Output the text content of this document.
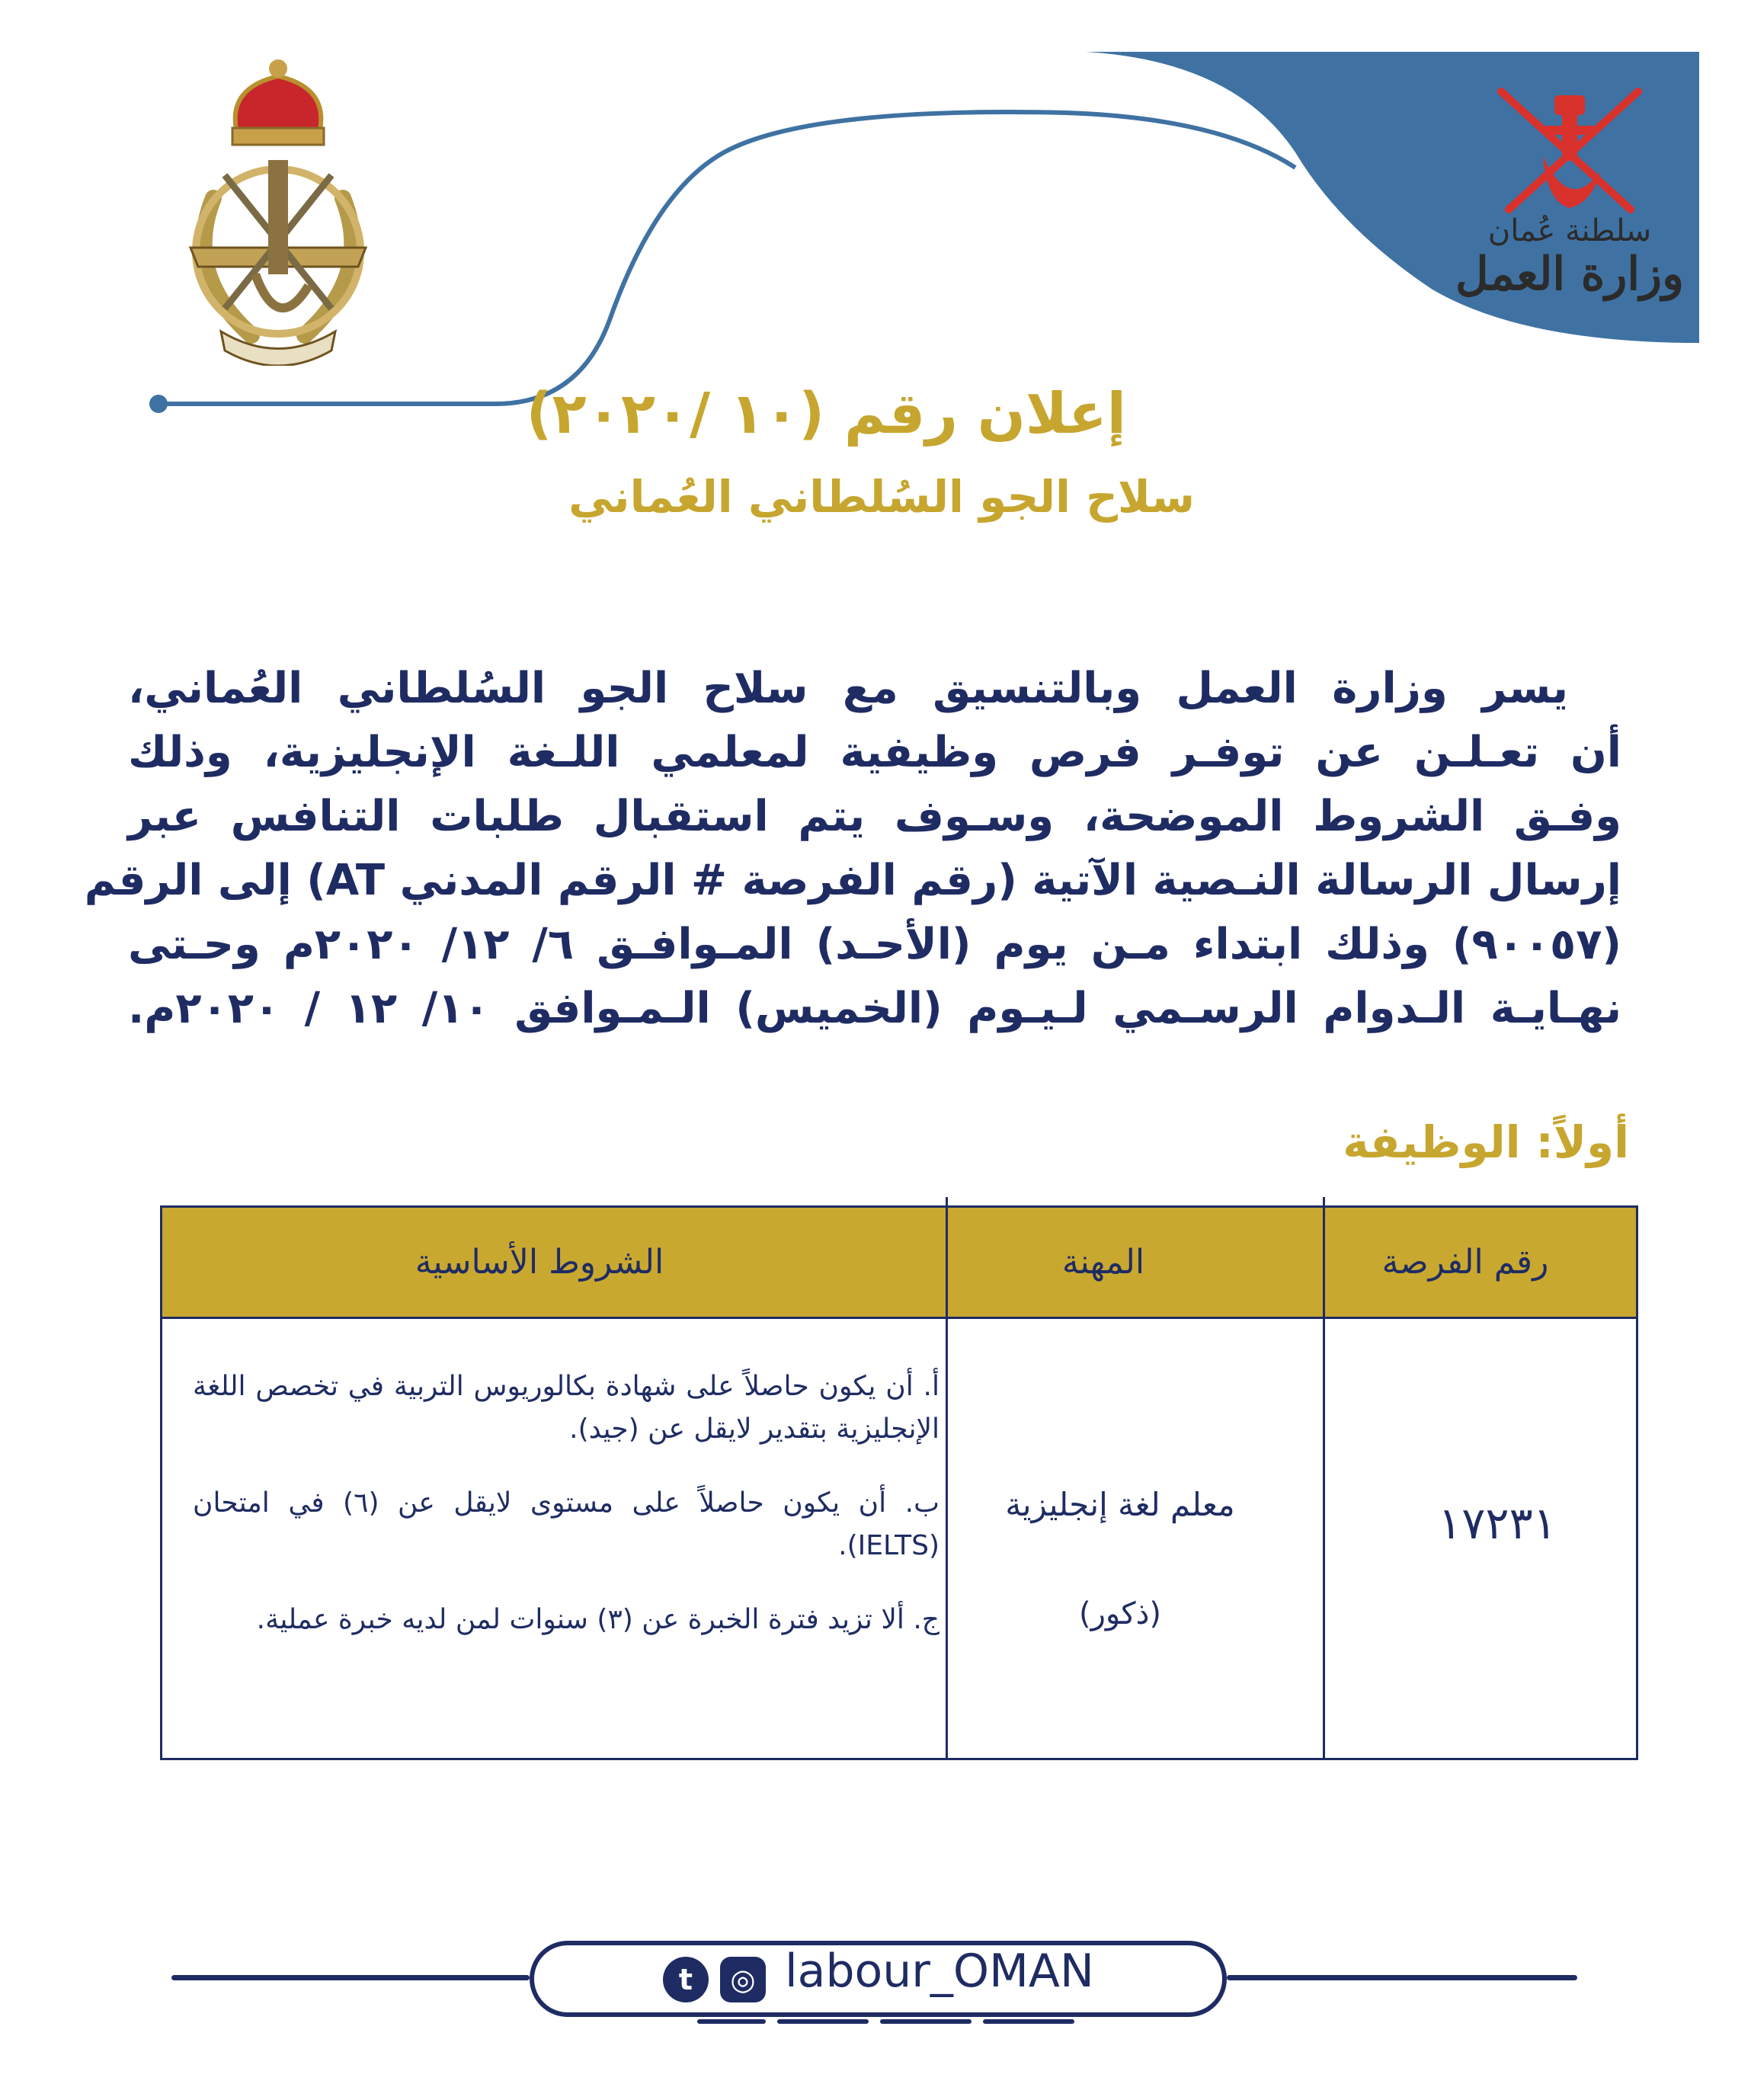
سلطنة عُمان
وزارة العمل
إعلان رقم (١٠ /٢٠٢٠)
سلاح الجو السُلطاني العُماني
يسر وزارة العمل وبالتنسيق مع سلاح الجو السُلطاني العُماني،
أن تعـلـن عن توفـر فرص وظيفية لمعلمي اللـغة الإنجليزية، وذلك
وفـق الشروط الموضحة، وسـوف يتم استقبال طلبات التنافس عبر
إرسال الرسالة النـصية الآتية (رقم الفرصة # الرقم المدني AT) إلى الرقم
(٩٠٠٥٧) وذلك ابتداء مـن يوم (الأحـد) المـوافـق ٦/ ١٢/ ٢٠٢٠م وحـتى
نهـايـة الـدوام الرسـمي لـيـوم (الخميس) الـمـوافق ١٠/ ١٢ / ٢٠٢٠م.
أولاً: الوظيفة
رقم الفرصة
المهنة
الشروط الأساسية
أ. أن يكون حاصلاً على شهادة بكالوريوس التربية في تخصص اللغة الإنجليزية بتقدير لايقل عن (جيد).
ب. أن يكون حاصلاً على مستوى لايقل عن (٦) في امتحان (IELTS).
ج. ألا تزيد فترة الخبرة عن (٣) سنوات لمن لديه خبرة عملية.
معلم لغة إنجليزية
(ذكور)
١٧٢٣١
t	◎ labour_OMAN
